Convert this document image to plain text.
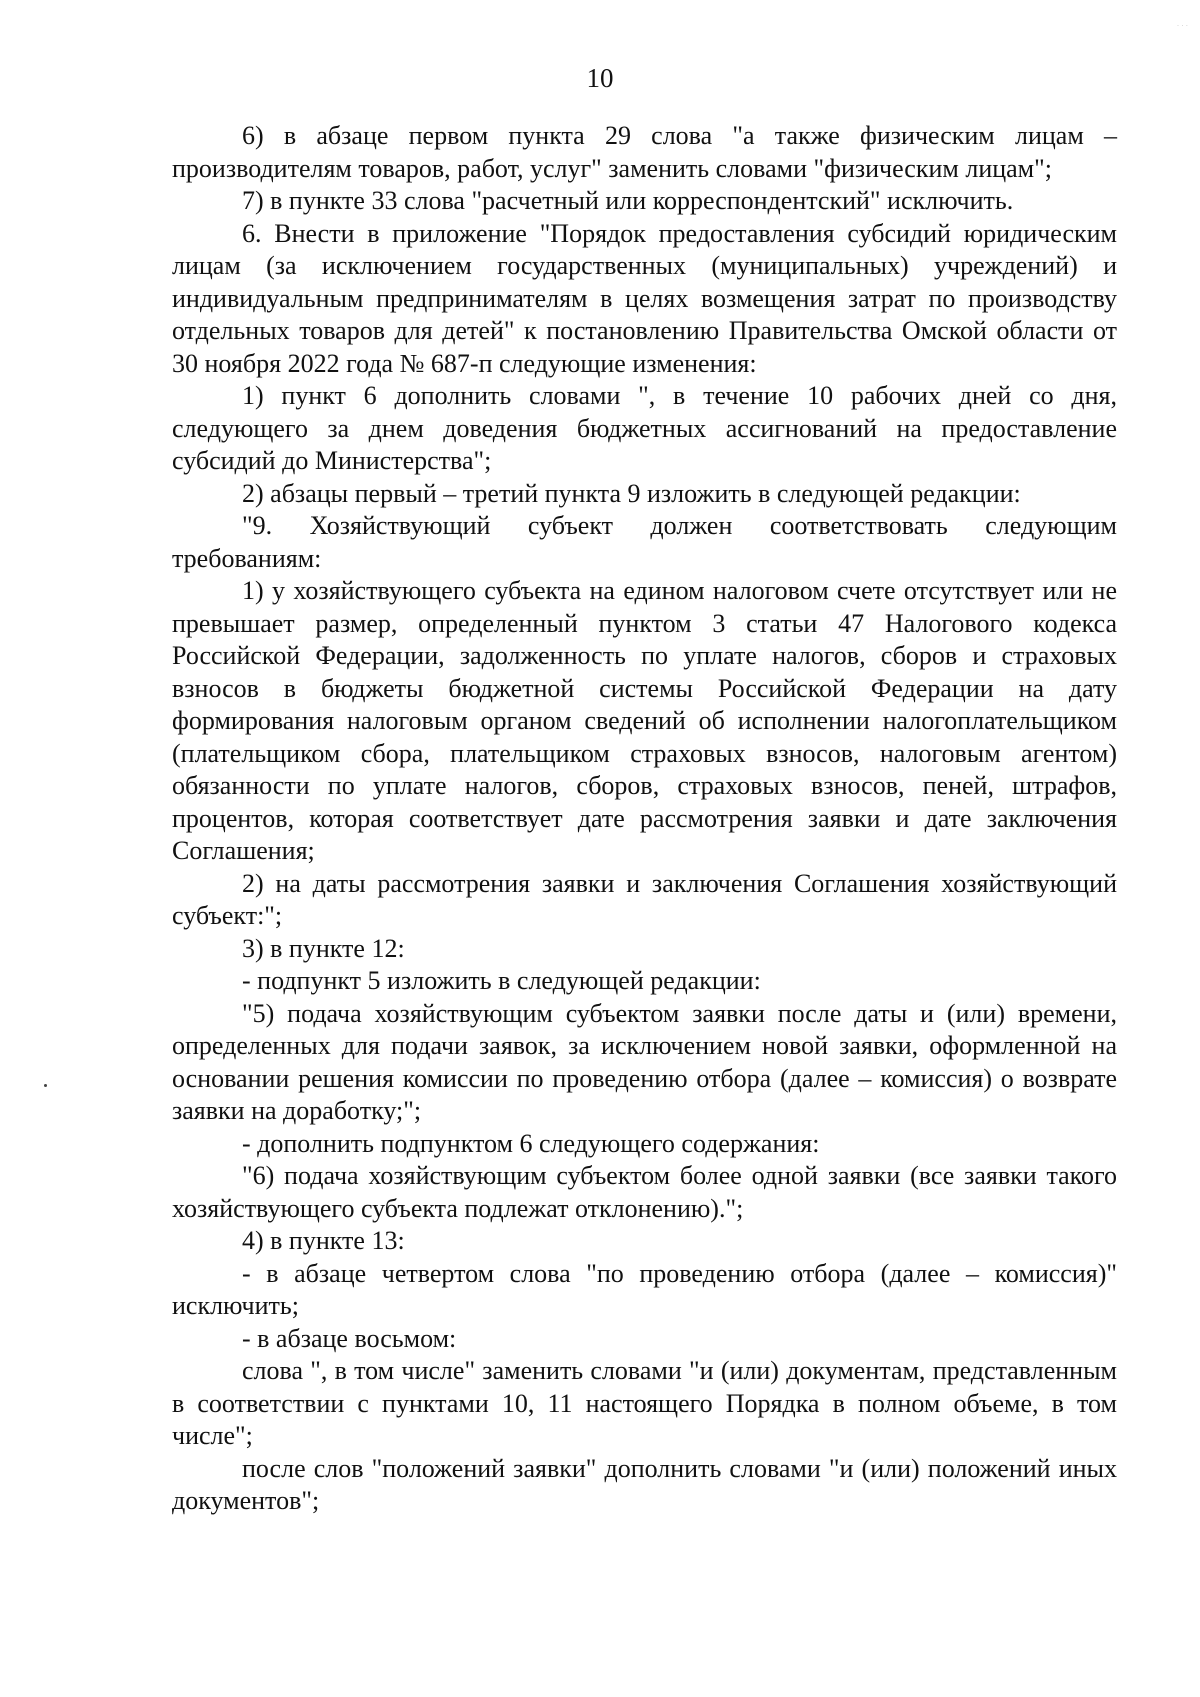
· · ·
10

6) в абзаце первом пункта 29 слова "а также физическим лицам – производителям товаров, работ, услуг" заменить словами "физическим лицам";

7) в пункте 33 слова "расчетный или корреспондентский" исключить.

6. Внести в приложение "Порядок предоставления субсидий юридическим лицам (за исключением государственных (муниципальных) учреждений) и индивидуальным предпринимателям в целях возмещения затрат по производству отдельных товаров для детей" к постановлению Правительства Омской области от 30 ноября 2022 года № 687-п следующие изменения:

1) пункт 6 дополнить словами ", в течение 10 рабочих дней со дня, следующего за днем доведения бюджетных ассигнований на предоставление субсидий до Министерства";

2) абзацы первый – третий пункта 9 изложить в следующей редакции:

"9. Хозяйствующий субъект должен соответствовать следующим требованиям:

1) у хозяйствующего субъекта на едином налоговом счете отсутствует или не превышает размер, определенный пунктом 3 статьи 47 Налогового кодекса Российской Федерации, задолженность по уплате налогов, сборов и страховых взносов в бюджеты бюджетной системы Российской Федерации на дату формирования налоговым органом сведений об исполнении налогоплательщиком (плательщиком сбора, плательщиком страховых взносов, налоговым агентом) обязанности по уплате налогов, сборов, страховых взносов, пеней, штрафов, процентов, которая соответствует дате рассмотрения заявки и дате заключения Соглашения;

2) на даты рассмотрения заявки и заключения Соглашения хозяйствующий субъект:";

3) в пункте 12:

- подпункт 5 изложить в следующей редакции:

"5) подача хозяйствующим субъектом заявки после даты и (или) времени, определенных для подачи заявок, за исключением новой заявки, оформленной на основании решения комиссии по проведению отбора (далее – комиссия) о возврате заявки на доработку;";

- дополнить подпунктом 6 следующего содержания:

"6) подача хозяйствующим субъектом более одной заявки (все заявки такого хозяйствующего субъекта подлежат отклонению).";

4) в пункте 13:

- в абзаце четвертом слова "по проведению отбора (далее – комиссия)" исключить;

- в абзаце восьмом:

слова ", в том числе" заменить словами "и (или) документам, представленным в соответствии с пунктами 10, 11 настоящего Порядка в полном объеме, в том числе";

после слов "положений заявки" дополнить словами "и (или) положений иных документов";
